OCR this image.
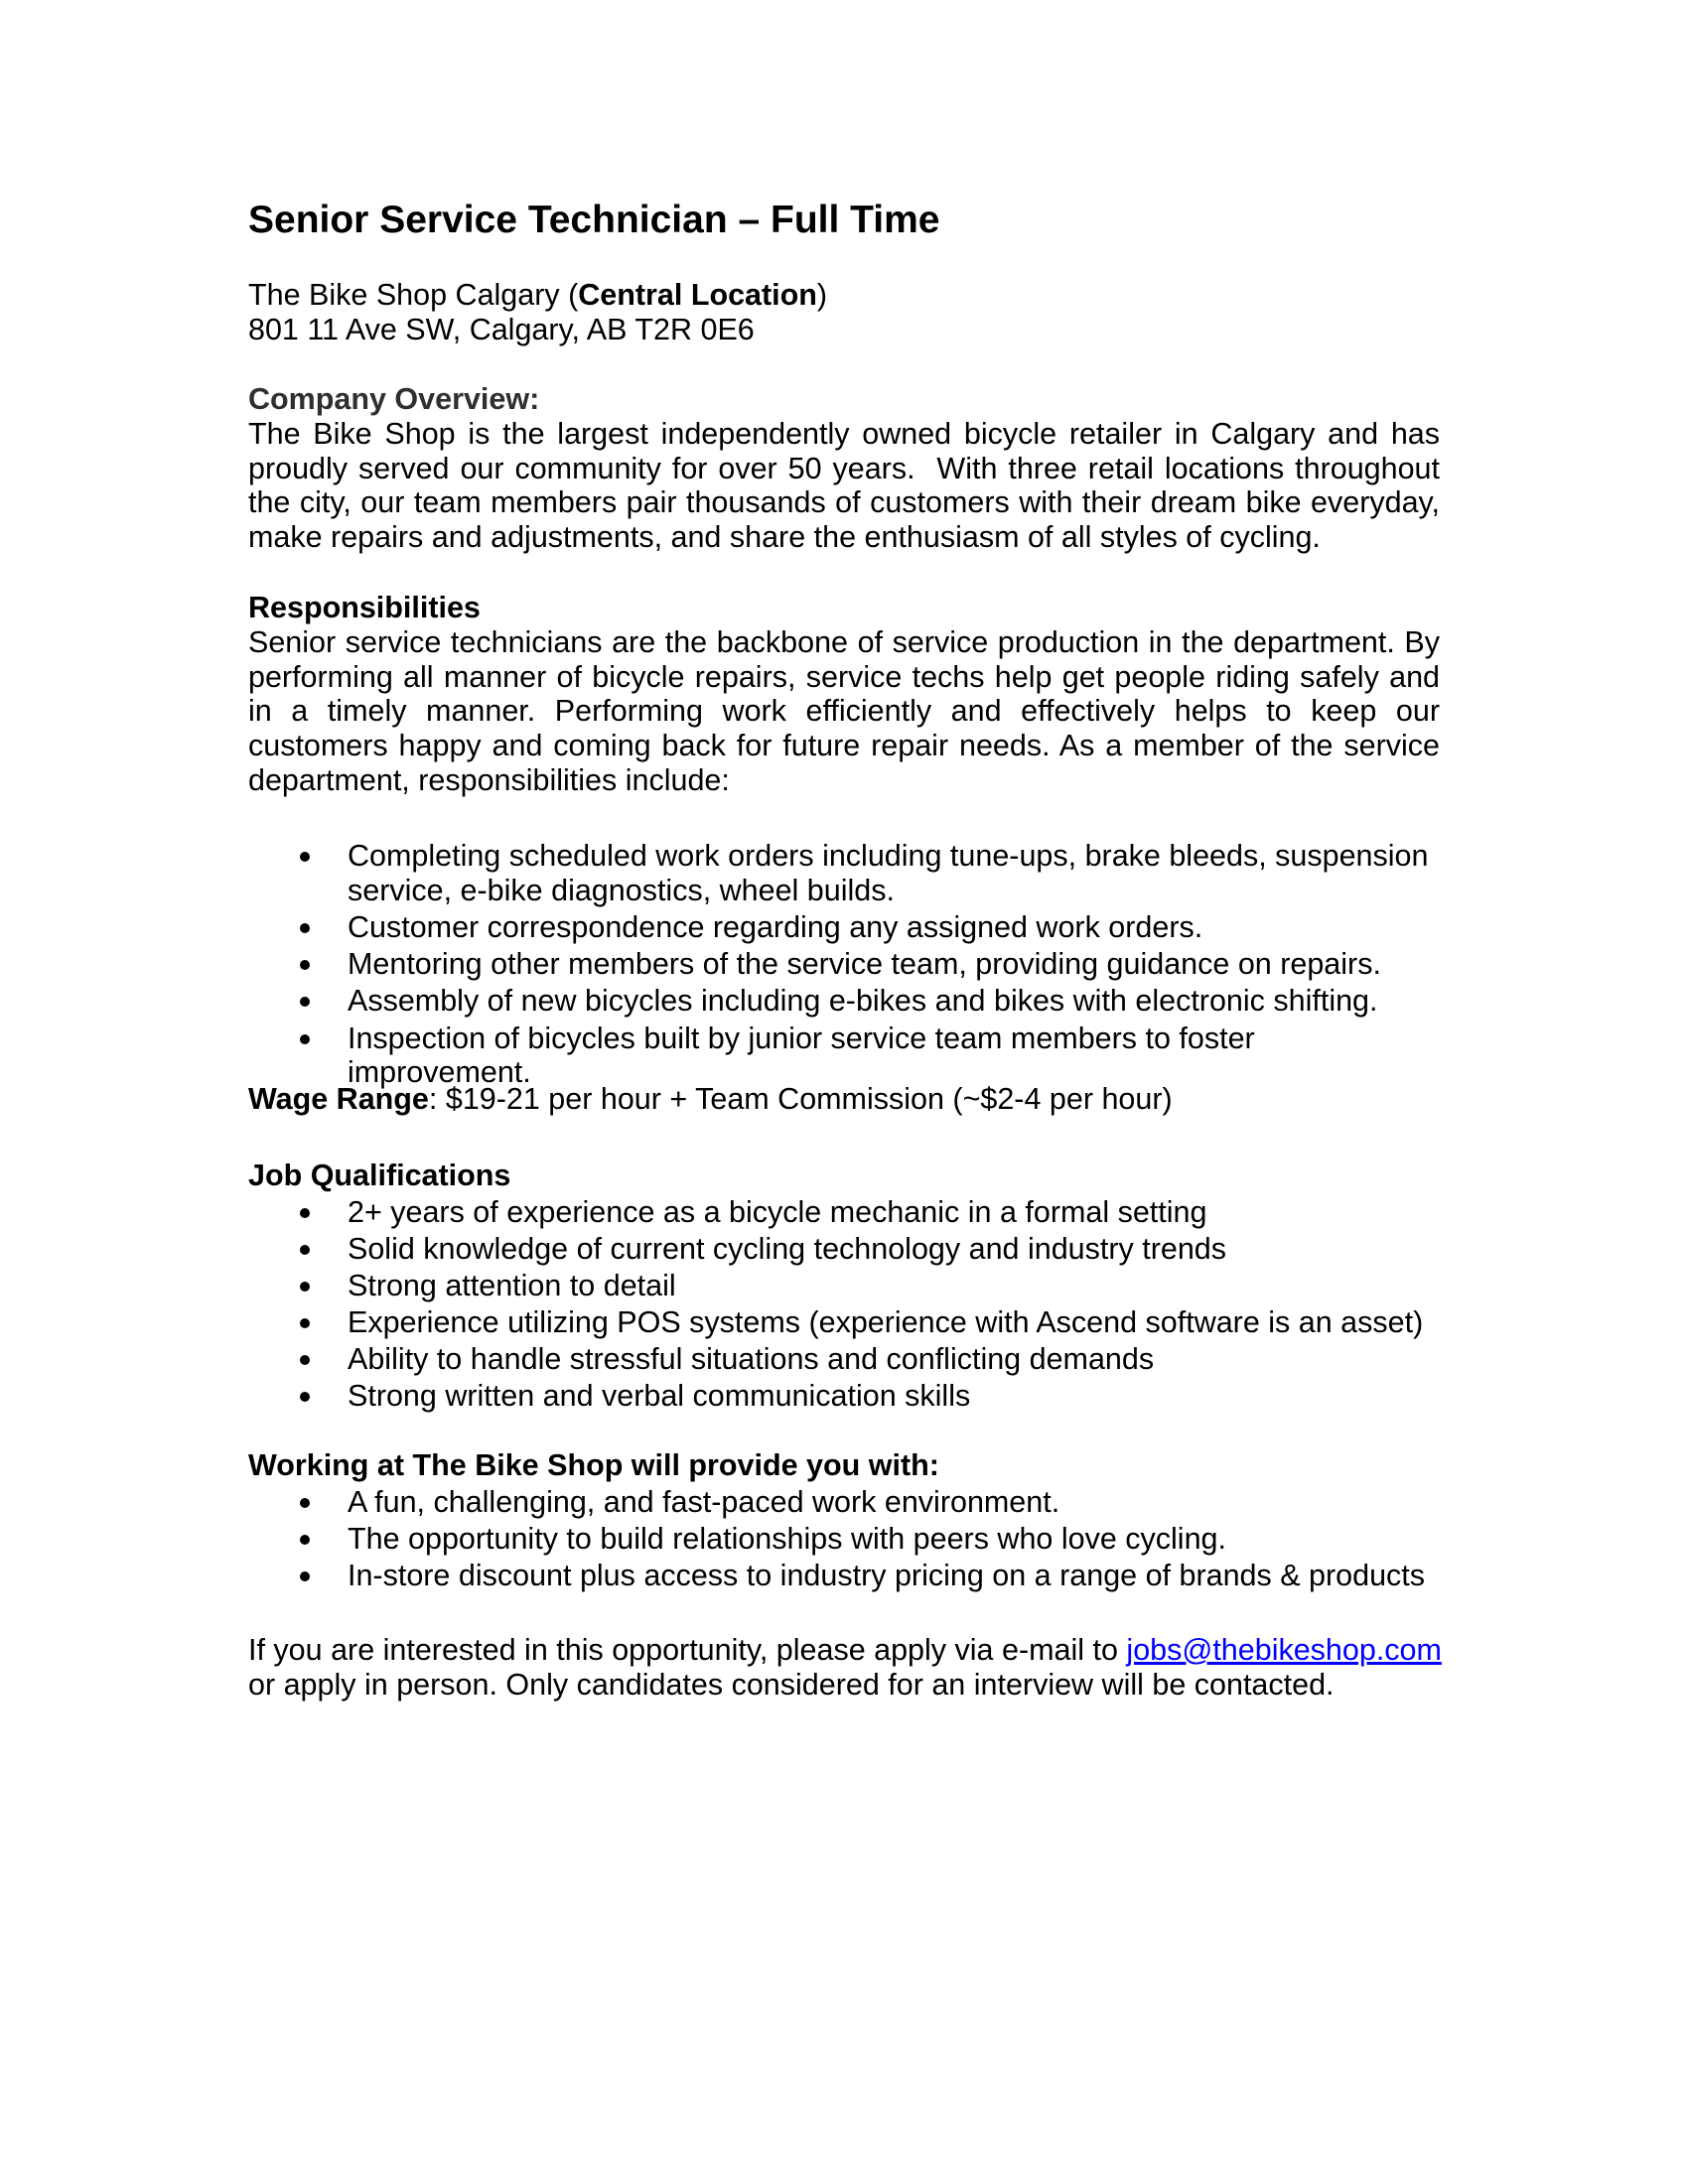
Senior Service Technician – Full Time
The Bike Shop Calgary (Central Location)
801 11 Ave SW, Calgary, AB T2R 0E6
Company Overview:
The Bike Shop is the largest independently owned bicycle retailer in Calgary and has proudly served our community for over 50 years.  With three retail locations throughout the city, our team members pair thousands of customers with their dream bike everyday, make repairs and adjustments, and share the enthusiasm of all styles of cycling.
Responsibilities
Senior service technicians are the backbone of service production in the department. By performing all manner of bicycle repairs, service techs help get people riding safely and in a timely manner. Performing work efficiently and effectively helps to keep our customers happy and coming back for future repair needs. As a member of the service department, responsibilities include:
Completing scheduled work orders including tune-ups, brake bleeds, suspension service, e-bike diagnostics, wheel builds.
Customer correspondence regarding any assigned work orders.
Mentoring other members of the service team, providing guidance on repairs.
Assembly of new bicycles including e-bikes and bikes with electronic shifting.
Inspection of bicycles built by junior service team members to foster improvement.
Wage Range: $19-21 per hour + Team Commission (~$2-4 per hour)
Job Qualifications
2+ years of experience as a bicycle mechanic in a formal setting
Solid knowledge of current cycling technology and industry trends
Strong attention to detail
Experience utilizing POS systems (experience with Ascend software is an asset)
Ability to handle stressful situations and conflicting demands
Strong written and verbal communication skills
Working at The Bike Shop will provide you with:
A fun, challenging, and fast-paced work environment.
The opportunity to build relationships with peers who love cycling.
In-store discount plus access to industry pricing on a range of brands & products
If you are interested in this opportunity, please apply via e-mail to jobs@thebikeshop.com
or apply in person. Only candidates considered for an interview will be contacted.
